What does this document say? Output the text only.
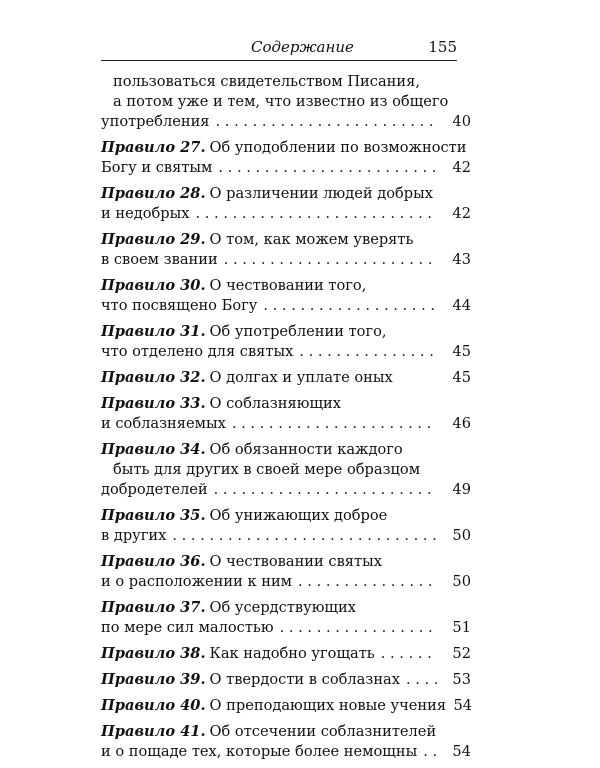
Содержание	155
пользоваться свидетельством Писания,
а потом уже и тем, что известно из общего
употребления . . .	40
Правило 27. Об уподоблении по возможности
Богу и святым . . .	42
Правило 28. О различении людей добрых
и недобрых . . .	42
Правило 29. О том, как можем уверять
в своем звании . . .	43
Правило 30. О чествовании того,
что посвящено Богу . . .	44
Правило 31. Об употреблении того,
что отделено для святых . . .	45
Правило 32. О долгах и уплате оных	45
Правило 33. О соблазняющих
и соблазняемых . . .	46
Правило 34. Об обязанности каждого
быть для других в своей мере образцом
добродетелей . . .	49
Правило 35. Об унижающих доброе
в других . . .	50
Правило 36. О чествовании святых
и о расположении к ним . . .	50
Правило 37. Об усердствующих
по мере сил малостью . . .	51
Правило 38. Как надобно угощать . . .	52
Правило 39. О твердости в соблазнах . . .	53
Правило 40. О преподающих новые учения 54
Правило 41. Об отсечении соблазнителей
и о пощаде тех, которые более немощны . . .	54
